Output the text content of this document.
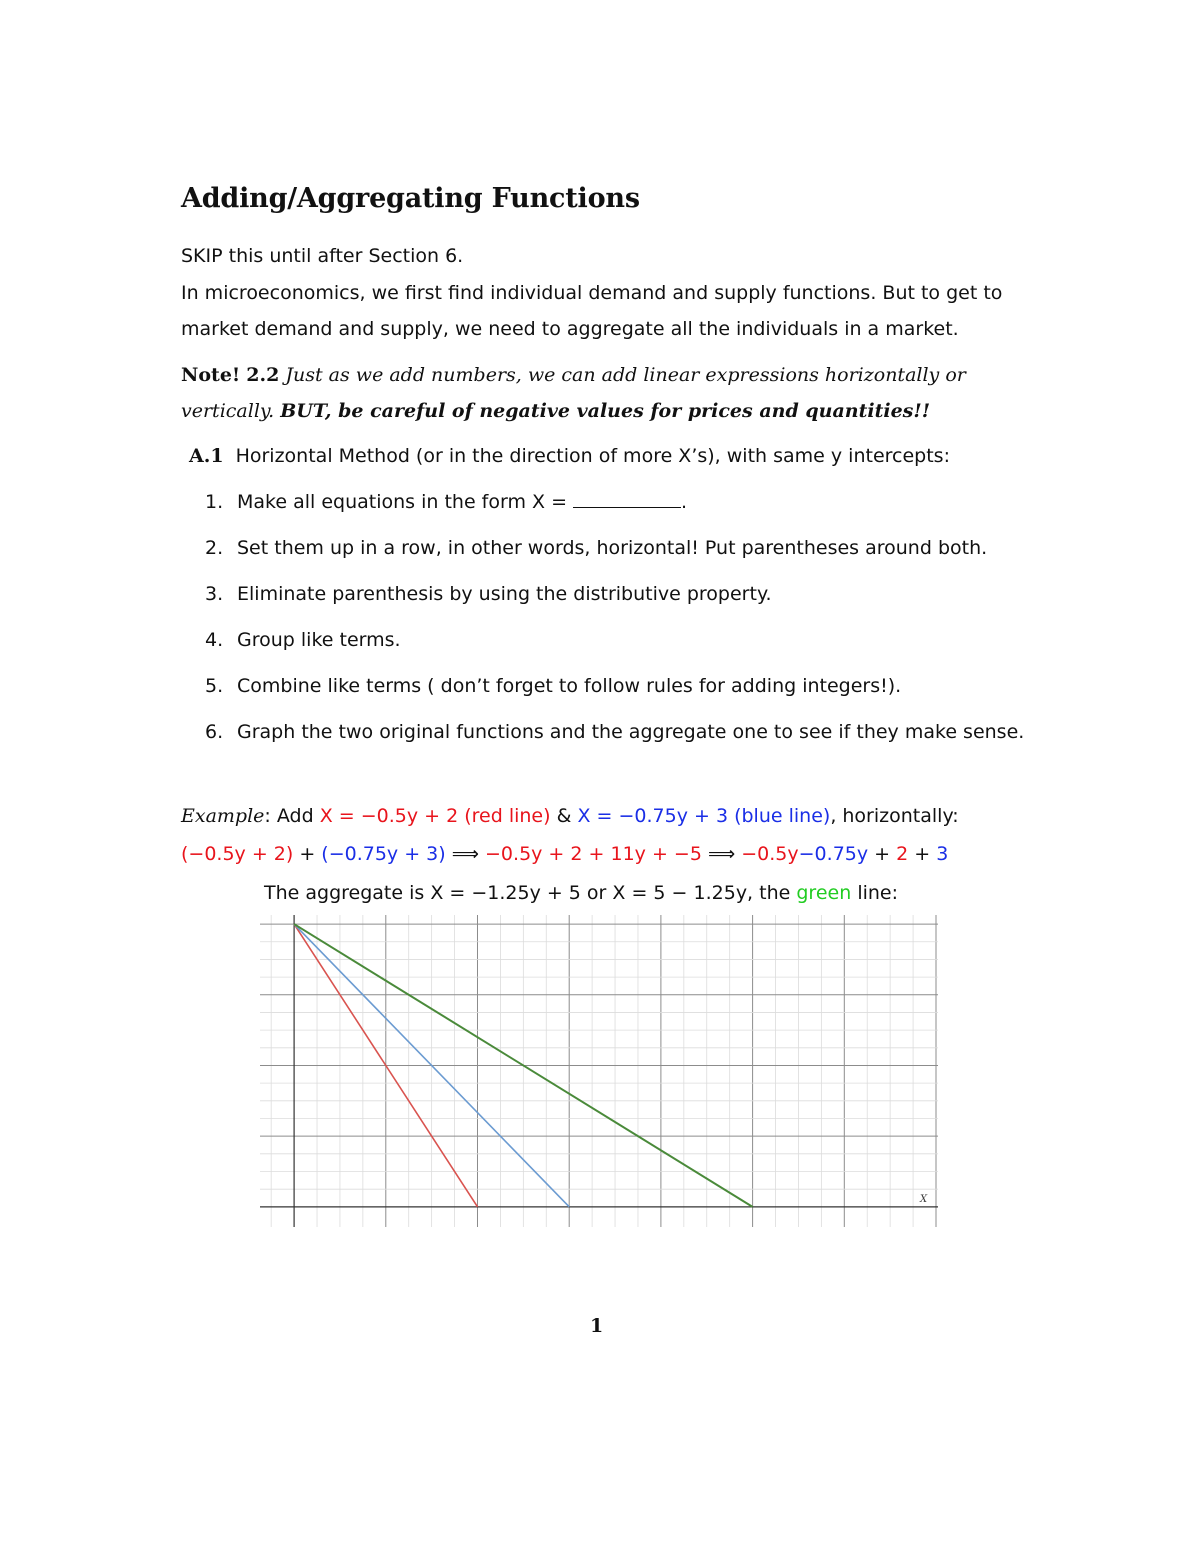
Adding/Aggregating Functions
SKIP this until after Section 6.
In microeconomics, we first find individual demand and supply functions. But to get to market demand and supply, we need to aggregate all the individuals in a market.
Note! 2.2 Just as we add numbers, we can add linear expressions horizontally or vertically. BUT, be careful of negative values for prices and quantities!!
A.1 Horizontal Method (or in the direction of more X’s), with same y intercepts:
1. Make all equations in the form X =	.
2. Set them up in a row, in other words, horizontal! Put parentheses around both.
3. Eliminate parenthesis by using the distributive property.
4. Group like terms.
5. Combine like terms ( don’t forget to follow rules for adding integers!).
6. Graph the two original functions and the aggregate one to see if they make sense.
Example: Add X = −0.5y + 2 (red line) & X = −0.75y + 3 (blue line), horizontally:
(−0.5y + 2) + (−0.75y + 3) ⟹ −0.5y + 2 + 11y + −5 ⟹ −0.5y−0.75y + 2 + 3
The aggregate is X = −1.25y + 5 or X = 5 − 1.25y, the green line:
X
1
